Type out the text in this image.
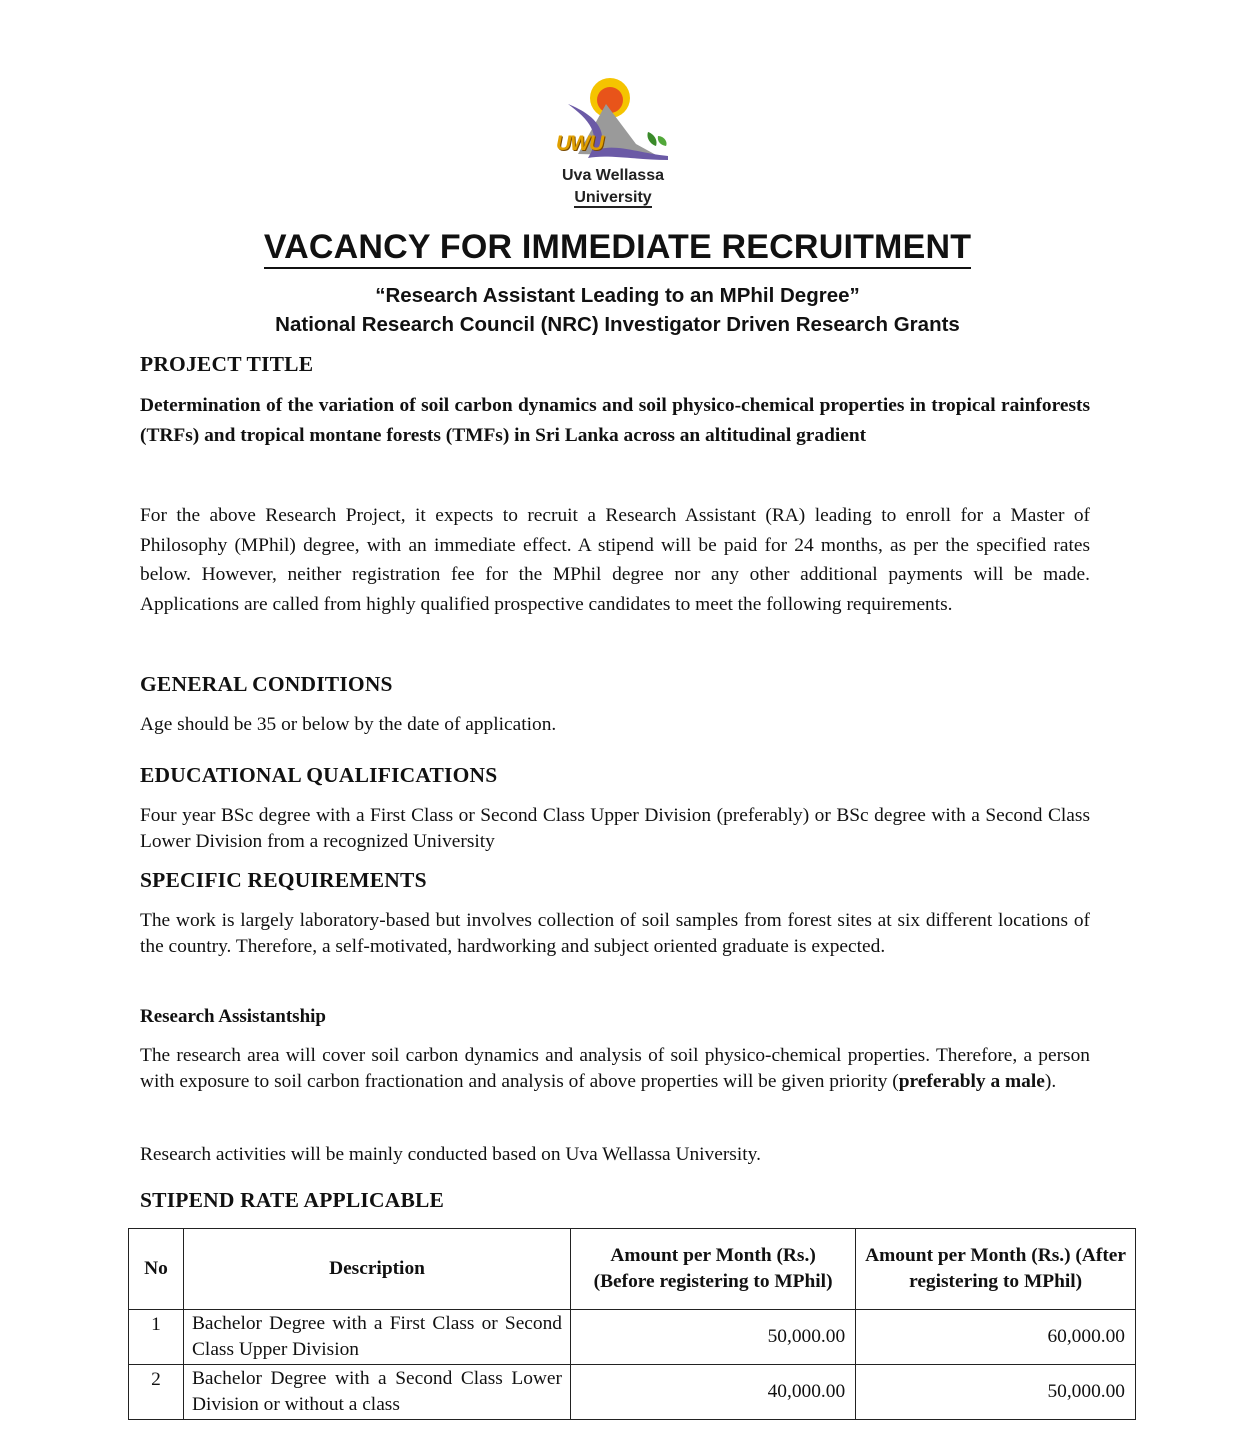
UWU
Uva Wellassa
University
VACANCY FOR IMMEDIATE RECRUITMENT
“Research Assistant Leading to an MPhil Degree”
National Research Council (NRC) Investigator Driven Research Grants
PROJECT TITLE
Determination of the variation of soil carbon dynamics and soil physico-chemical properties in tropical rainforests (TRFs) and tropical montane forests (TMFs) in Sri Lanka across an altitudinal gradient
For the above Research Project, it expects to recruit a Research Assistant (RA) leading to enroll for a Master of Philosophy (MPhil) degree, with an immediate effect. A stipend will be paid for 24 months, as per the specified rates below. However, neither registration fee for the MPhil degree nor any other additional payments will be made. Applications are called from highly qualified prospective candidates to meet the following requirements.
GENERAL CONDITIONS
Age should be 35 or below by the date of application.
EDUCATIONAL QUALIFICATIONS
Four year BSc degree with a First Class or Second Class Upper Division (preferably) or BSc degree with a Second Class Lower Division from a recognized University
SPECIFIC REQUIREMENTS
The work is largely laboratory-based but involves collection of soil samples from forest sites at six different locations of the country. Therefore, a self-motivated, hardworking and subject oriented graduate is expected.
Research Assistantship
The research area will cover soil carbon dynamics and analysis of soil physico-chemical properties. Therefore, a person with exposure to soil carbon fractionation and analysis of above properties will be given priority (preferably a male).
Research activities will be mainly conducted based on Uva Wellassa University.
STIPEND RATE APPLICABLE
No	Description	Amount per Month (Rs.) (Before registering to MPhil)	Amount per Month (Rs.) (After registering to MPhil)
1	Bachelor Degree with a First Class or Second Class Upper Division	50,000.00	60,000.00
2	Bachelor Degree with a Second Class Lower Division or without a class	40,000.00	50,000.00
